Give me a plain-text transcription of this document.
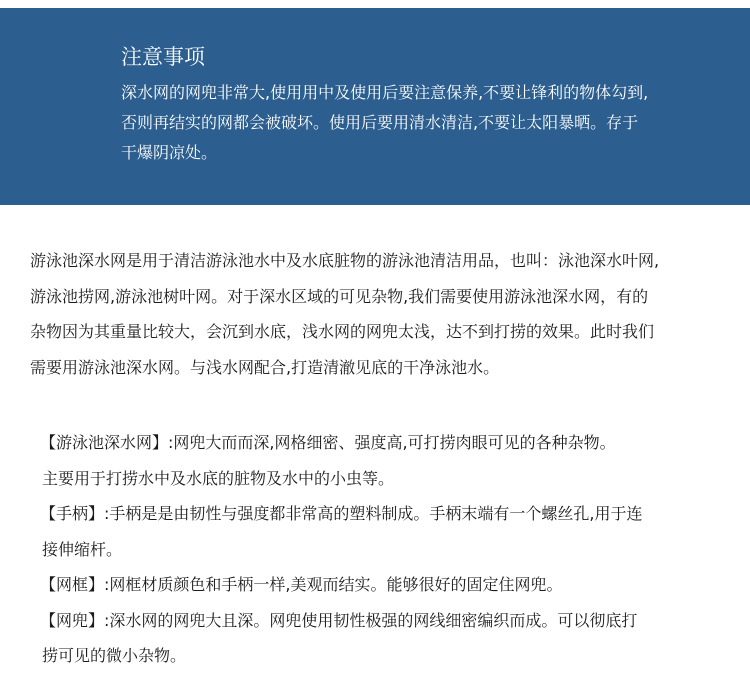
注意事项

深水网的网兜非常大,使用用中及使用后要注意保养,不要让锋利的物体勾到,
否则再结实的网都会被破坏。使用后要用清水清洁,不要让太阳暴晒。存于
干爆阴凉处。

游泳池深水网是用于清洁游泳池水中及水底脏物的游泳池清洁用品，也叫：泳池深水叶网,
游泳池捞网,游泳池树叶网。对于深水区域的可见杂物,我们需要使用游泳池深水网，有的
杂物因为其重量比较大，会沉到水底，浅水网的网兜太浅，达不到打捞的效果。此时我们
需要用游泳池深水网。与浅水网配合,打造清澈见底的干净泳池水。

【游泳池深水网】:网兜大而而深,网格细密、强度高,可打捞肉眼可见的各种杂物。
主要用于打捞水中及水底的脏物及水中的小虫等。
【手柄】:手柄是是由韧性与强度都非常高的塑料制成。手柄末端有一个螺丝孔,用于连
接伸缩杆。
【网框】:网框材质颜色和手柄一样,美观而结实。能够很好的固定住网兜。
【网兜】:深水网的网兜大且深。网兜使用韧性极强的网线细密编织而成。可以彻底打
捞可见的微小杂物。
